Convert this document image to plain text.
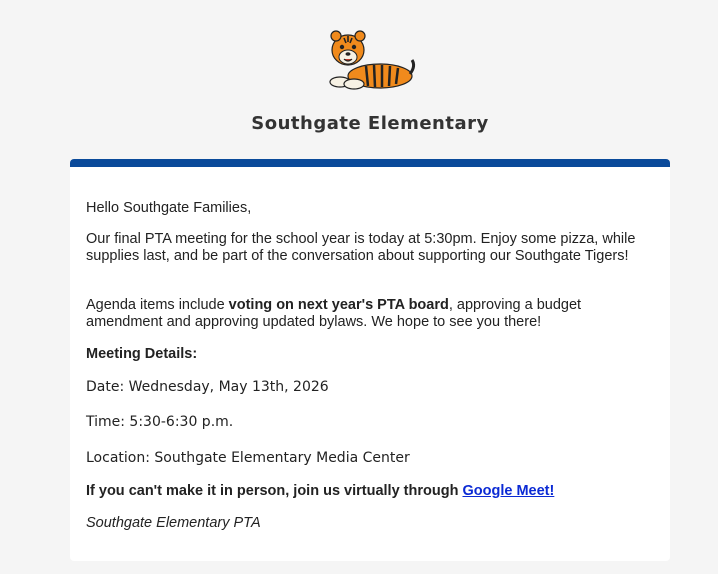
Southgate Elementary

Hello Southgate Families,

Our final PTA meeting for the school year is today at 5:30pm. Enjoy some pizza, while supplies last, and be part of the conversation about supporting our Southgate Tigers!

Agenda items include voting on next year's PTA board, approving a budget amendment and approving updated bylaws. We hope to see you there!

Meeting Details:

Date: Wednesday, May 13th, 2026

Time: 5:30-6:30 p.m.

Location: Southgate Elementary Media Center

If you can't make it in person, join us virtually through Google Meet!

Southgate Elementary PTA
